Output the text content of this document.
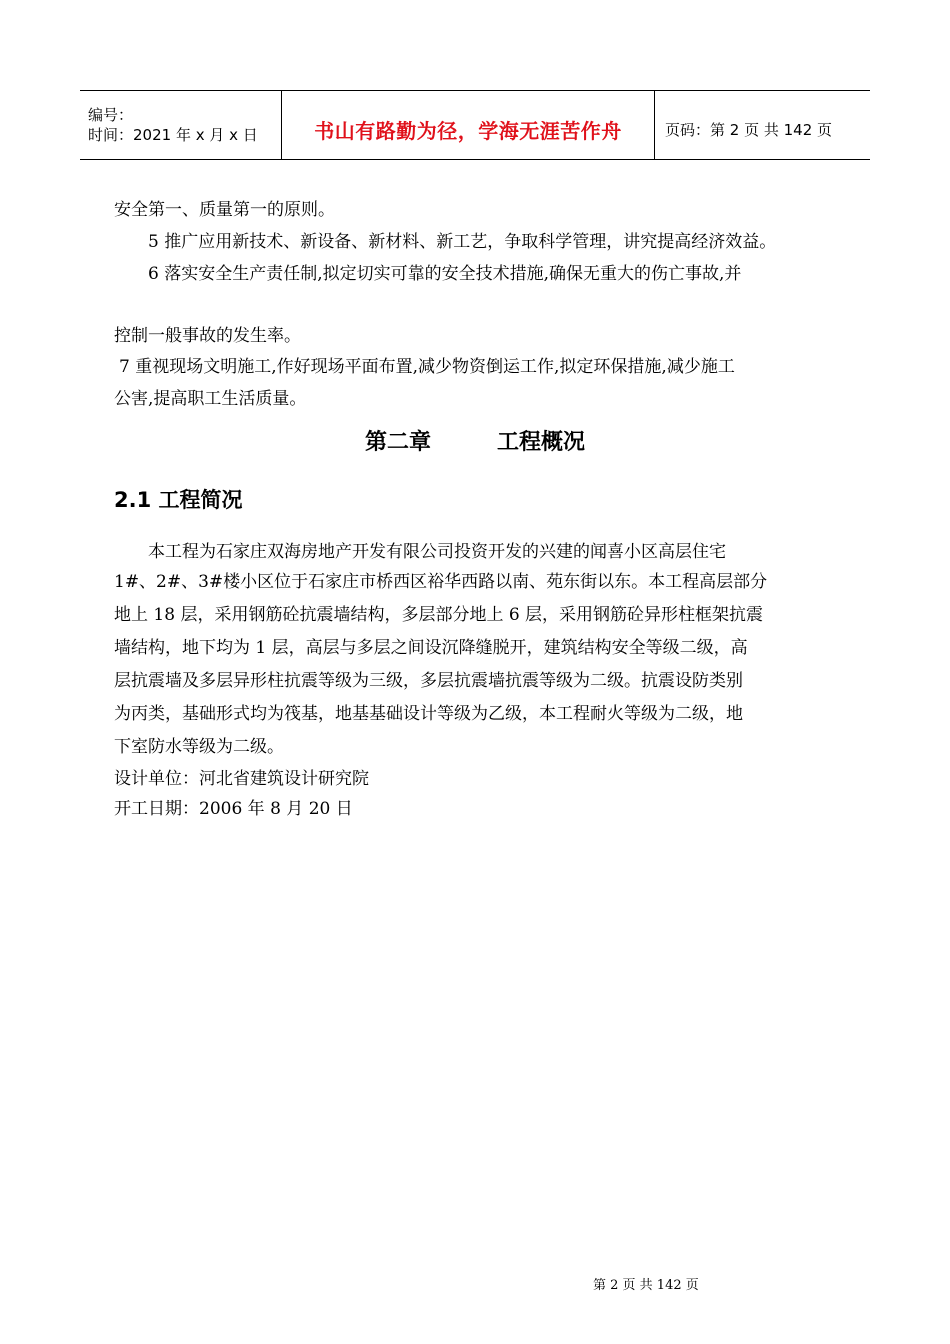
编号：
时间：2021 年 x 月 x 日	书山有路勤为径，学海无涯苦作舟	页码：第 2 页 共 142 页
安全第一、质量第一的原则。
5 推广应用新技术、新设备、新材料、新工艺，争取科学管理，讲究提高经济效益。
6 落实安全生产责任制,拟定切实可靠的安全技术措施,确保无重大的伤亡事故,并
控制一般事故的发生率。
7 重视现场文明施工,作好现场平面布置,减少物资倒运工作,拟定环保措施,减少施工
公害,提高职工生活质量。
第二章	工程概况
2.1 工程简况
本工程为石家庄双海房地产开发有限公司投资开发的兴建的闻喜小区高层住宅
1#、2#、3#楼小区位于石家庄市桥西区裕华西路以南、苑东街以东。本工程高层部分
地上 18 层，采用钢筋砼抗震墙结构，多层部分地上 6 层，采用钢筋砼异形柱框架抗震
墙结构，地下均为 1 层，高层与多层之间设沉降缝脱开，建筑结构安全等级二级，高
层抗震墙及多层异形柱抗震等级为三级，多层抗震墙抗震等级为二级。抗震设防类别
为丙类，基础形式均为筏基，地基基础设计等级为乙级，本工程耐火等级为二级，地
下室防水等级为二级。
设计单位：河北省建筑设计研究院
开工日期：2006 年 8 月 20 日
第 2 页 共 142 页
